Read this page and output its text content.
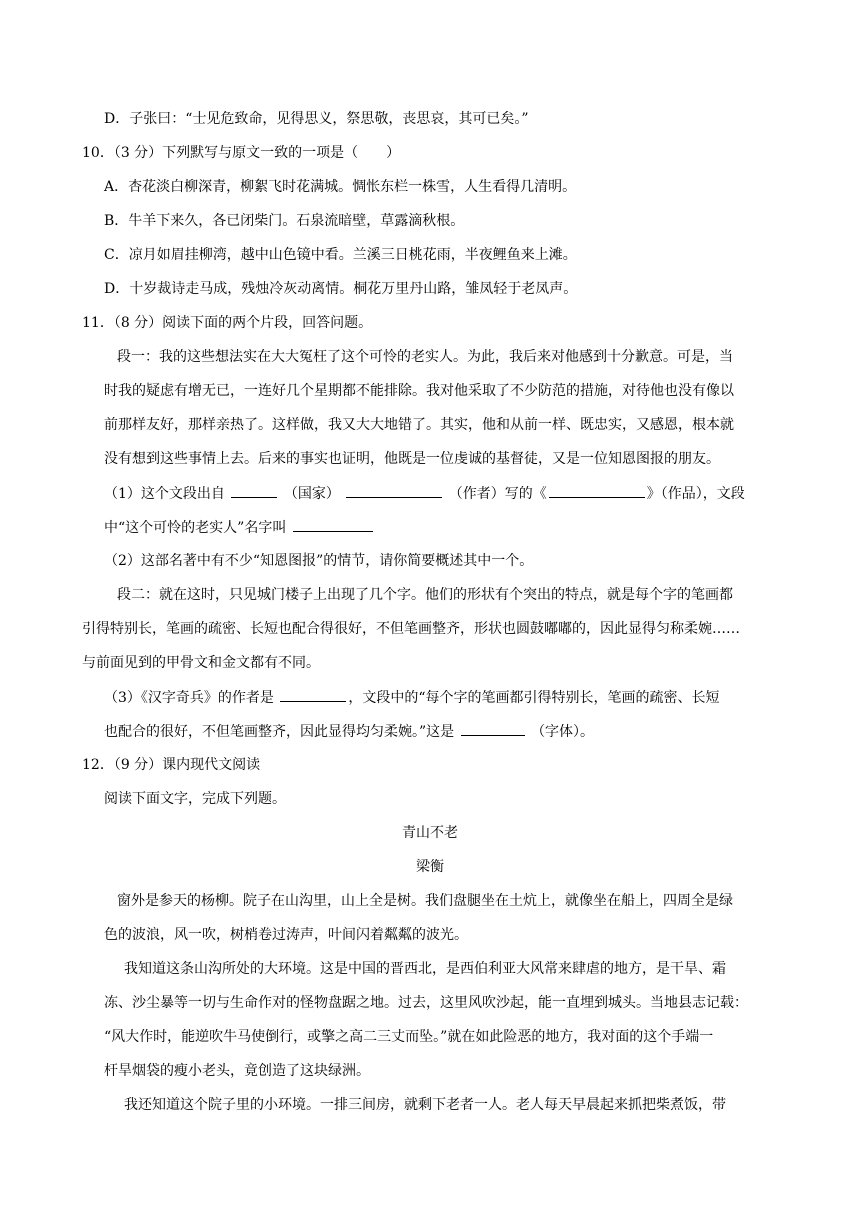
D．子张曰：“士见危致命，见得思义，祭思敬，丧思哀，其可已矣。”
10．（3 分）下列默写与原文一致的一项是（　　）
A．杏花淡白柳深青，柳絮飞时花满城。惆怅东栏一株雪，人生看得几清明。
B．牛羊下来久，各已闭柴门。石泉流暗壁，草露滴秋根。
C．凉月如眉挂柳湾，越中山色镜中看。兰溪三日桃花雨，半夜鲤鱼来上滩。
D．十岁裁诗走马成，残烛冷灰动离情。桐花万里丹山路，雏凤轻于老凤声。
11．（8 分）阅读下面的两个片段，回答问题。
段一：我的这些想法实在大大冤枉了这个可怜的老实人。为此，我后来对他感到十分歉意。可是，当
时我的疑虑有增无已，一连好几个星期都不能排除。我对他采取了不少防范的措施，对待他也没有像以
前那样友好，那样亲热了。这样做，我又大大地错了。其实，他和从前一样、既忠实，又感恩，根本就
没有想到这些事情上去。后来的事实也证明，他既是一位虔诚的基督徒，又是一位知恩图报的朋友。
（1）这个文段出自	（国家）	（作者）写的《	》（作品），文段
中“这个可怜的老实人”名字叫
（2）这部名著中有不少“知恩图报”的情节，请你简要概述其中一个。
段二：就在这时，只见城门楼子上出现了几个字。他们的形状有个突出的特点，就是每个字的笔画都
引得特别长，笔画的疏密、长短也配合得很好，不但笔画整齐，形状也圆鼓嘟嘟的，因此显得匀称柔婉……
与前面见到的甲骨文和金文都有不同。
（3）《汉字奇兵》的作者是	，文段中的“每个字的笔画都引得特别长，笔画的疏密、长短
也配合的很好，不但笔画整齐，因此显得均匀柔婉。”这是	（字体）。
12．（9 分）课内现代文阅读
阅读下面文字，完成下列题。
青山不老
梁衡
窗外是参天的杨柳。院子在山沟里，山上全是树。我们盘腿坐在土炕上，就像坐在船上，四周全是绿
色的波浪，风一吹，树梢卷过涛声，叶间闪着粼粼的波光。
我知道这条山沟所处的大环境。这是中国的晋西北，是西伯利亚大风常来肆虐的地方，是干旱、霜
冻、沙尘暴等一切与生命作对的怪物盘踞之地。过去，这里风吹沙起，能一直埋到城头。当地县志记载：
“风大作时，能逆吹牛马使倒行，或擎之高二三丈而坠。”就在如此险恶的地方，我对面的这个手端一
杆旱烟袋的瘦小老头，竟创造了这块绿洲。
我还知道这个院子里的小环境。一排三间房，就剩下老者一人。老人每天早晨起来抓把柴煮饭，带
